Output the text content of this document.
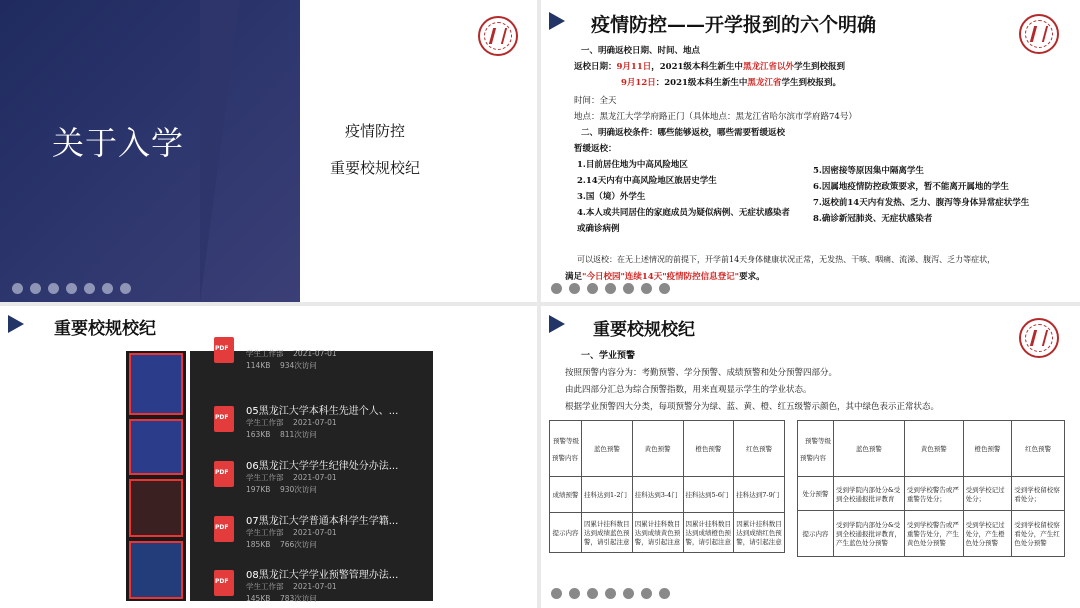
关于入学	疫情防控
重要校规校纪
疫情防控——开学报到的六个明确
一、明确返校日期、时间、地点
返校日期：9月11日，2021级本科生新生中黑龙江省以外学生到校报到
9月12日：2021级本科生新生中黑龙江省学生到校报到。
时间：全天
地点：黑龙江大学学府路正门（具体地点：黑龙江省哈尔滨市学府路74号）
二、明确返校条件：哪些能够返校，哪些需要暂缓返校
暂缓返校：
1.目前居住地为中高风险地区
2.14天内有中高风险地区旅居史学生
3.国（境）外学生
4.本人或共同居住的家庭成员为疑似病例、无症状感染者
或确诊病例
5.因密接等原因集中隔离学生
6.因属地疫情防控政策要求，暂不能离开属地的学生
7.返校前14天内有发热、乏力、腹泻等身体异常症状学生
8.确诊新冠肺炎、无症状感染者
可以返校：在无上述情况的前提下，开学前14天身体健康状况正常，无发热、干咳、咽痛、流涕、腹泻、乏力等症状，
满足"今日校园"连续14天"疫情防控信息登记"要求。
重要校规校纪
PDF
04黑龙江大学本科生国家奖学金...
学生工作部 2021-07-01
114KB 934次访问
PDF
05黑龙江大学本科生先进个人、...
学生工作部 2021-07-01
163KB 811次访问
PDF
06黑龙江大学学生纪律处分办法...
学生工作部 2021-07-01
197KB 930次访问
PDF
07黑龙江大学普通本科学生学籍...
学生工作部 2021-07-01
185KB 766次访问
PDF
08黑龙江大学学业预警管理办法...
学生工作部 2021-07-01
145KB 783次访问
重要校规校纪
一、学业预警
按照预警内容分为：考勤预警、学分预警、成绩预警和处分预警四部分。
由此四部分汇总为综合预警指数，用来直观显示学生的学业状态。
根据学业预警四大分类，每项预警分为绿、蓝、黄、橙、红五级警示颜色，其中绿色表示正常状态。
预警等级
预警内容	蓝色预警	黄色预警	橙色预警	红色预警
成绩预警	挂科达到1-2门	挂科达到3-4门	挂科达到5-6门	挂科达到7-9门
提示内容	因累计挂科数目达到成绩蓝色预警，请引起注意	因累计挂科数目达到成绩黄色预警，请引起注意	因累计挂科数目达到成绩橙色预警，请引起注意	因累计挂科数目达到成绩红色预警，请引起注意
预警等级
预警内容	蓝色预警	黄色预警	橙色预警	红色预警
处分预警	受到学院内部处分&受到全校通报批评教育	受到学校警告或严重警告处分；	受到学校记过处分；	受到学校留校察看处分；
提示内容	受到学院内部处分&受到全校通报批评教育，产生蓝色处分预警	受到学校警告或严重警告处分，产生黄色处分预警	受到学校记过处分，产生橙色处分预警	受到学校留校察看处分，产生红色处分预警
